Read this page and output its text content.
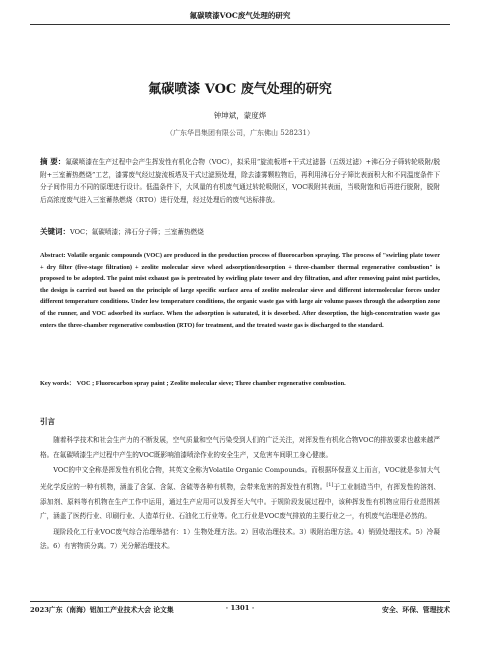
氟碳喷漆VOC废气处理的研究
氟碳喷漆 VOC 废气处理的研究
钟坤斌，蒙度烨
（广东华昌集团有限公司，广东佛山 528231）
摘 要：氟碳喷漆在生产过程中会产生挥发性有机化合物（VOC），拟采用“旋流板塔+干式过滤器（五级过滤）+沸石分子筛转轮吸附/脱附+三室蓄热燃烧”工艺，漆雾废气经过旋流板塔及干式过滤预处理，除去漆雾颗粒物后，再利用沸石分子筛比表面积大和不同温度条件下分子间作用力不同的原理进行设计。低温条件下，大风量的有机废气通过转轮吸附区，VOC吸附其表面，当吸附饱和后再进行脱附，脱附后高浓度废气进入三室蓄热燃烧（RTO）进行处理，经过处理后的废气达标排放。
关键词：VOC；氟碳喷漆；沸石分子筛；三室蓄热燃烧
Abstract: Volatile organic compounds (VOC) are produced in the production process of fluorocarbon spraying. The process of "swirling plate tower + dry filter (five-stage filtration) + zeolite molecular sieve wheel adsorption/desorption + three-chamber thermal regenerative combustion" is proposed to be adopted. The paint mist exhaust gas is pretreated by swirling plate tower and dry filtration, and after removing paint mist particles, the design is carried out based on the principle of large specific surface area of zeolite molecular sieve and different intermolecular forces under different temperature conditions. Under low temperature conditions, the organic waste gas with large air volume passes through the adsorption zone of the runner, and VOC adsorbed its surface. When the adsorption is saturated, it is desorbed. After desorption, the high-concentration waste gas enters the three-chamber regenerative combustion (RTO) for treatment, and the treated waste gas is discharged to the standard.
Key words： VOC ; Fluorocarbon spray paint ; Zeolite molecular sieve; Three chamber regenerative combustion.
引言

随着科学技术和社会生产力的不断发展，空气质量和空气污染受到人们的广泛关注，对挥发性有机化合物VOC的排放要求也越来越严格。在氟碳喷漆生产过程中产生的VOC既影响油漆喷涂作业的安全生产，又危害车间职工身心健康。

VOC的中文全称是挥发性有机化合物，其英文全称为Volatile Organic Compounds。而根据环保意义上而言，VOC就是参加大气光化学反应的一种有机物，涵盖了含氯、含氮、含硫等各种有机物，会带来危害的挥发性有机物。[1]于工业制造当中，有挥发性的溶剂、添加剂、原料等有机物在生产工作中运用，通过生产应用可以发挥至大气中。于规阶段发展过程中，该种挥发性有机物应用行业范围甚广，涵盖了医药行业、印刷行业、人造革行业、石油化工行业等。化工行业是VOC废气排放的主要行业之一，有机废气治理是必然的。

现阶段化工行业VOC废气综合治理举措有：1）生物处理方法。2）回收治理技术。3）吸附治理方法。4）销毁处理技术。5）冷凝法。6）有害物质分离。7）光分解治理技术。

2023广东（南海）铝加工产业技术大会 论文集	· 1301 ·	安全、环保、管理技术
